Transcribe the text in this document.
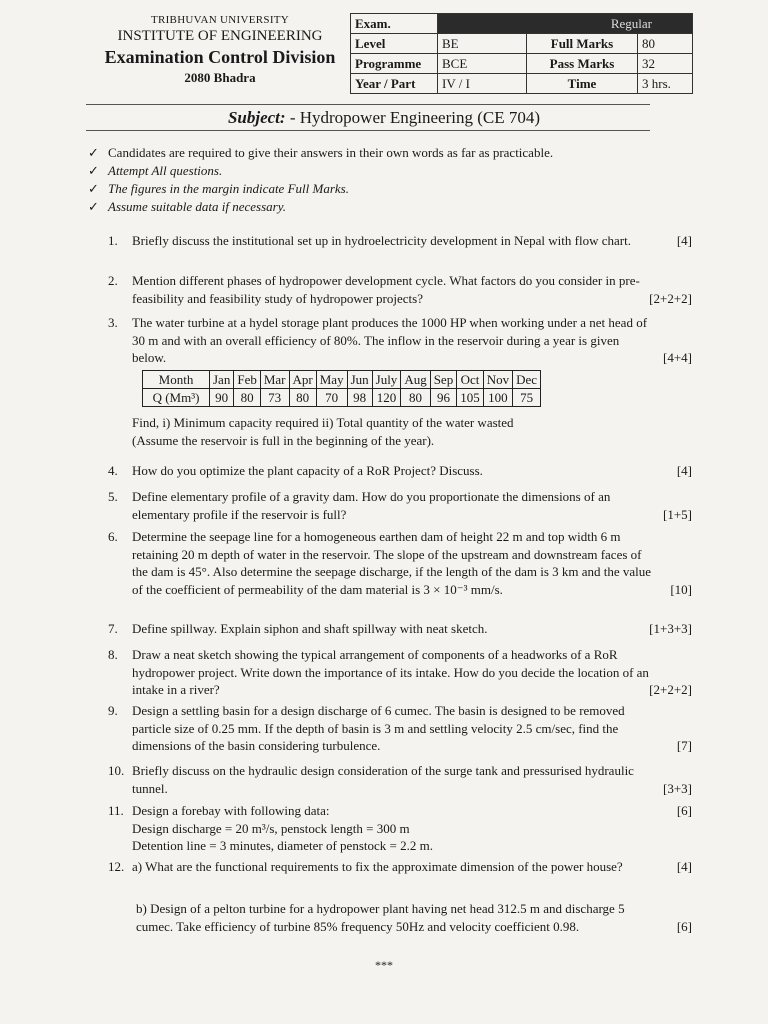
TRIBHUVAN UNIVERSITY
INSTITUTE OF ENGINEERING
Examination Control Division
2080 Bhadra
Exam.	Regular		
Level	BE	Full Marks	80
Programme	BCE	Pass Marks	32
Year / Part	IV / I	Time	3 hrs.
Subject: - Hydropower Engineering (CE 704)
✓ Candidates are required to give their answers in their own words as far as practicable.
✓ Attempt All questions.
✓ The figures in the margin indicate Full Marks.
✓ Assume suitable data if necessary.
1.	Briefly discuss the institutional set up in hydroelectricity development in Nepal with flow chart.	[4]
2.	Mention different phases of hydropower development cycle. What factors do you consider in pre-feasibility and feasibility study of hydropower projects?	[2+2+2]
3.	The water turbine at a hydel storage plant produces the 1000 HP when working under a net head of 30 m and with an overall efficiency of 80%. The inflow in the reservoir during a year is given below.	[4+4]
Month	Jan	Feb	Mar	Apr	May	Jun	July	Aug	Sep	Oct	Nov	Dec
Q (Mm³)	90	80	73	80	70	98	120	80	96	105	100	75
Find, i) Minimum capacity required ii) Total quantity of the water wasted
(Assume the reservoir is full in the beginning of the year).
4.	How do you optimize the plant capacity of a RoR Project? Discuss.	[4]
5.	Define elementary profile of a gravity dam. How do you proportionate the dimensions of an elementary profile if the reservoir is full?	[1+5]
6.	Determine the seepage line for a homogeneous earthen dam of height 22 m and top width 6 m retaining 20 m depth of water in the reservoir. The slope of the upstream and downstream faces of the dam is 45°. Also determine the seepage discharge, if the length of the dam is 3 km and the value of the coefficient of permeability of the dam material is 3 × 10⁻³ mm/s.	[10]
7.	Define spillway. Explain siphon and shaft spillway with neat sketch.	[1+3+3]
8.	Draw a neat sketch showing the typical arrangement of components of a headworks of a RoR hydropower project. Write down the importance of its intake. How do you decide the location of an intake in a river?	[2+2+2]
9.	Design a settling basin for a design discharge of 6 cumec. The basin is designed to be removed particle size of 0.25 mm. If the depth of basin is 3 m and settling velocity 2.5 cm/sec, find the dimensions of the basin considering turbulence.	[7]
10. Briefly discuss on the hydraulic design consideration of the surge tank and pressurised hydraulic tunnel.	[3+3]
11. Design a forebay with following data:
Design discharge = 20 m³/s, penstock length = 300 m
Detention line = 3 minutes, diameter of penstock = 2.2 m.
[6]
12. a) What are the functional requirements to fix the approximate dimension of the power house?	[4]
b) Design of a pelton turbine for a hydropower plant having net head 312.5 m and discharge 5 cumec. Take efficiency of turbine 85% frequency 50Hz and velocity coefficient 0.98.	[6]
***
